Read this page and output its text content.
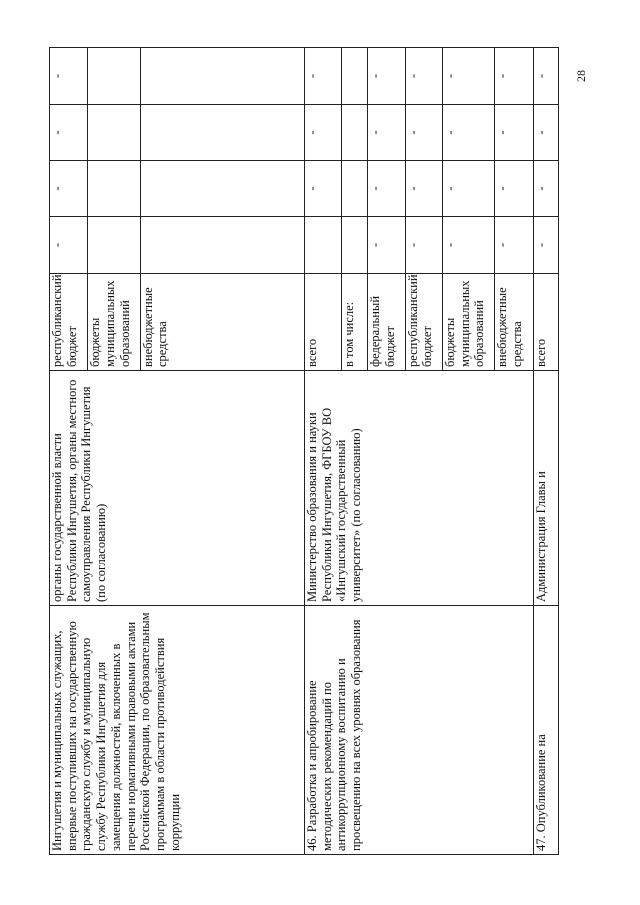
28
Ингушетия и муниципальных служащих, впервые поступивших на государственную гражданскую службу и муниципальную службу Республики Ингушетия для замещения должностей, включенных в перечни нормативными правовыми актами Российской Федерации, по образовательным программам в области противодействия коррупции	органы государственной власти Республики Ингушетия, органы местного самоуправления Республики Ингушетия (по согласованию)	республиканский бюджет	-	-	-	-
		бюджеты муниципальных образований				
		внебюджетные средства				
46. Разработка и апробирование методических рекомендаций по антикоррупционному воспитанию и просвещению на всех уровнях образования	Министерство образования и науки Республики Ингушетия, ФГБОУ ВО «Ингушский государственный университет» (по согласованию)	всего		-	-	-
		в том числе:				
		федеральный бюджет	-	-	-	-
		республиканский бюджет	-	-	-	-
		бюджеты муниципальных образований	-	-	-	-
		внебюджетные средства	-	-	-	-
47. Опубликование на	Администрация Главы и	всего	-	-	-	-
